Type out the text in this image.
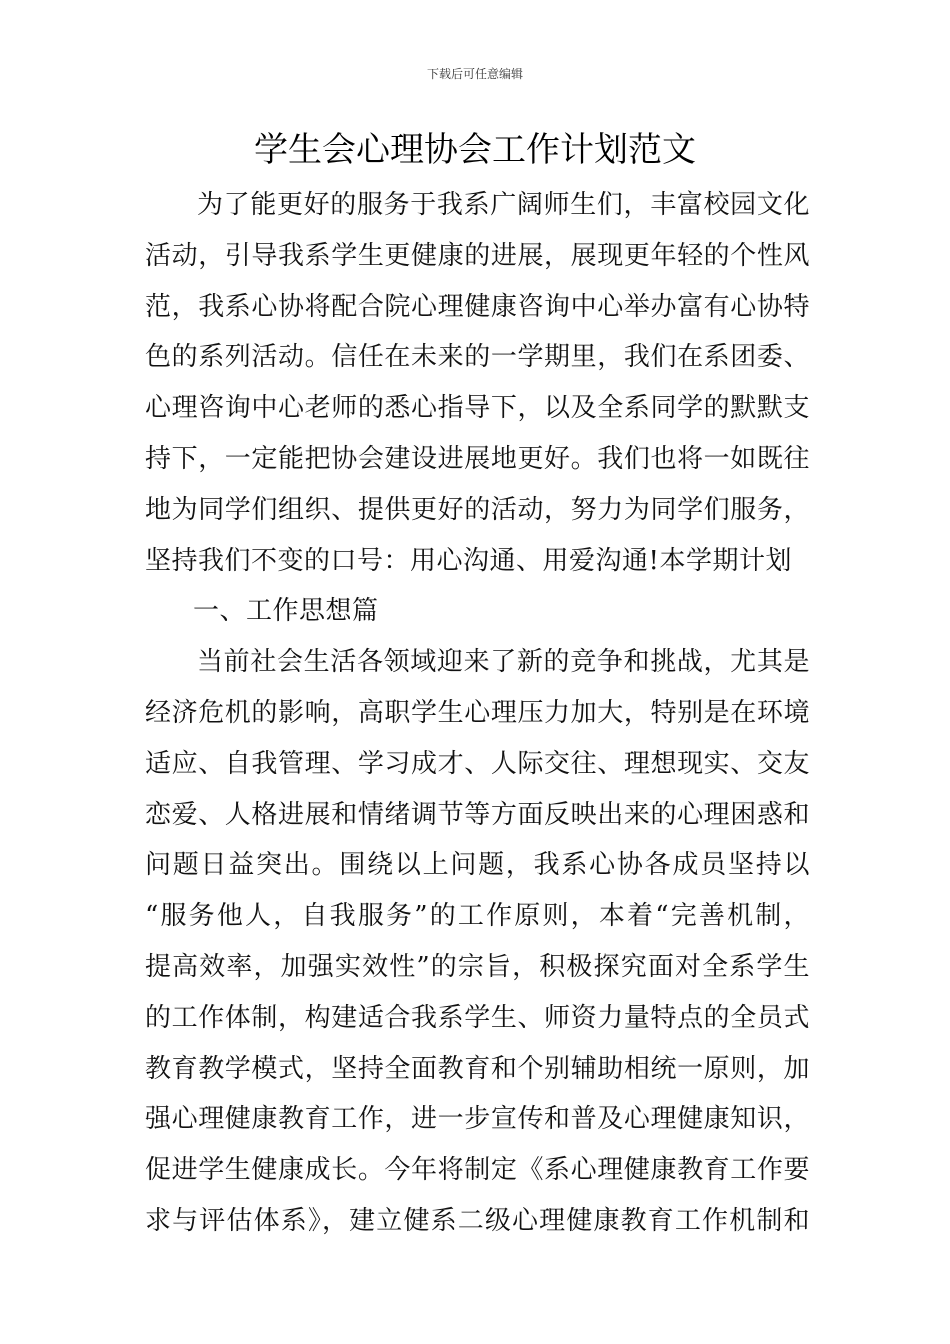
下载后可任意编辑
学生会心理协会工作计划范文
为了能更好的服务于我系广阔师生们，丰富校园文化
活动，引导我系学生更健康的进展，展现更年轻的个性风
范，我系心协将配合院心理健康咨询中心举办富有心协特
色的系列活动。信任在未来的一学期里，我们在系团委、
心理咨询中心老师的悉心指导下，以及全系同学的默默支
持下，一定能把协会建设进展地更好。我们也将一如既往
地为同学们组织、提供更好的活动，努力为同学们服务，
坚持我们不变的口号：用心沟通、用爱沟通!本学期计划
一、工作思想篇
当前社会生活各领域迎来了新的竞争和挑战，尤其是
经济危机的影响，高职学生心理压力加大，特别是在环境
适应、自我管理、学习成才、人际交往、理想现实、交友
恋爱、人格进展和情绪调节等方面反映出来的心理困惑和
问题日益突出。围绕以上问题，我系心协各成员坚持以
“服务他人，自我服务”的工作原则，本着“完善机制，
提高效率，加强实效性”的宗旨，积极探究面对全系学生
的工作体制，构建适合我系学生、师资力量特点的全员式
教育教学模式，坚持全面教育和个别辅助相统一原则，加
强心理健康教育工作，进一步宣传和普及心理健康知识，
促进学生健康成长。今年将制定《系心理健康教育工作要
求与评估体系》，建立健系二级心理健康教育工作机制和
